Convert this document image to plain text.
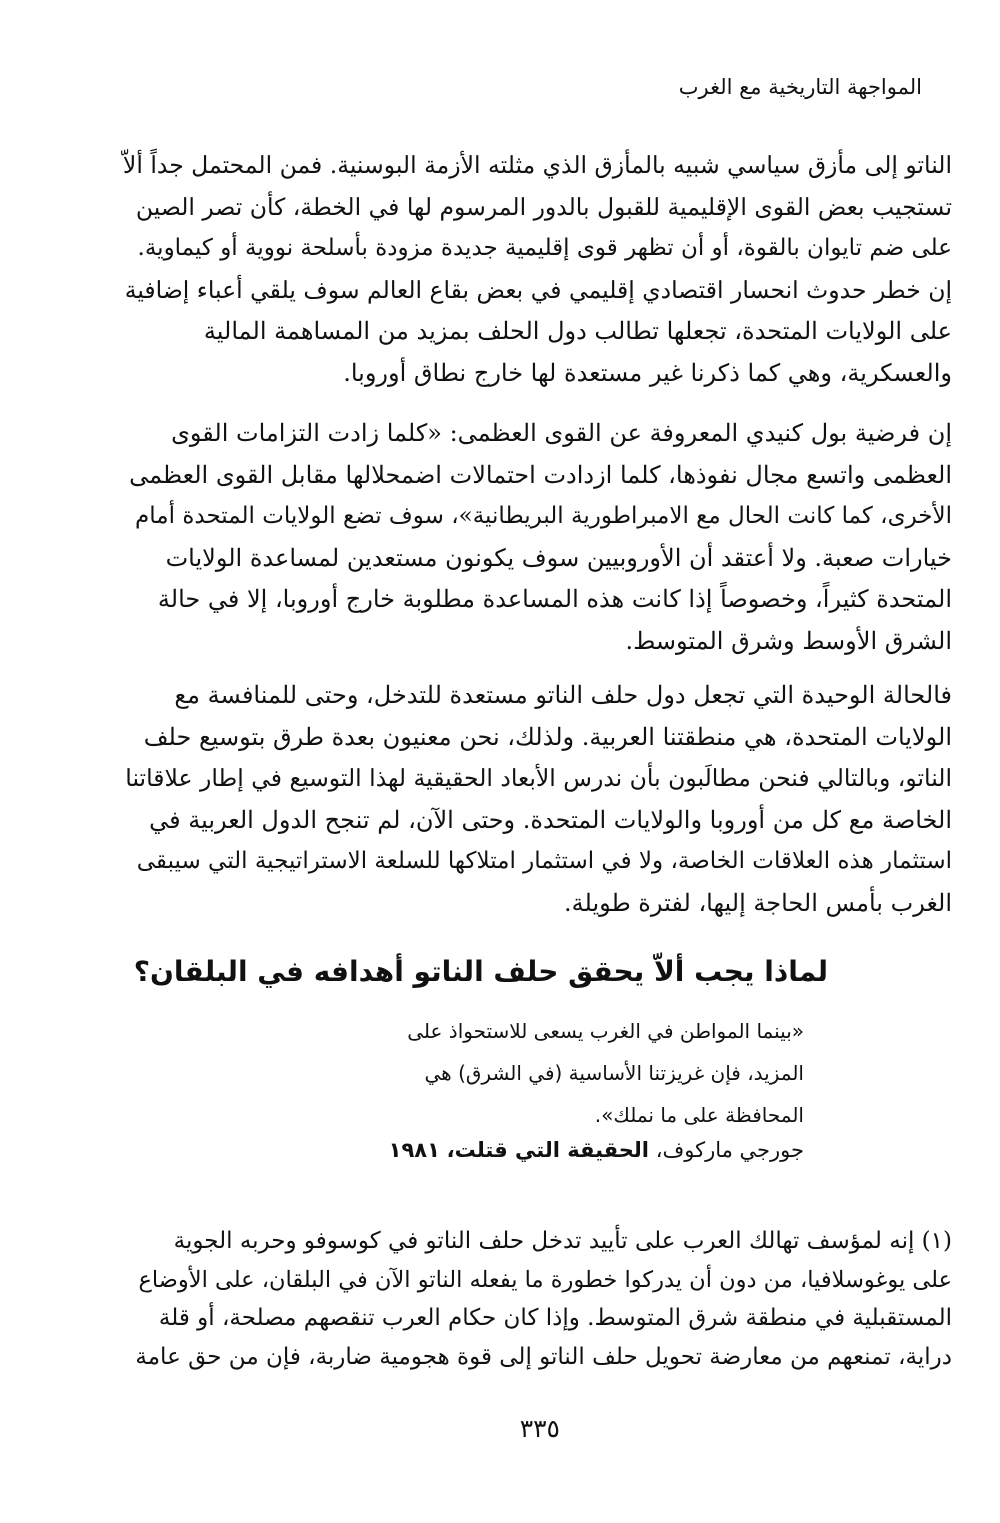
المواجهة التاريخية مع الغرب
الناتو إلى مأزق سياسي شبيه بالمأزق الذي مثلته الأزمة البوسنية. فمن المحتمل جداً ألاّ
تستجيب بعض القوى الإقليمية للقبول بالدور المرسوم لها في الخطة، كأن تصر الصين
على ضم تايوان بالقوة، أو أن تظهر قوى إقليمية جديدة مزودة بأسلحة نووية أو كيماوية.
إن خطر حدوث انحسار اقتصادي إقليمي في بعض بقاع العالم سوف يلقي أعباء إضافية
على الولايات المتحدة، تجعلها تطالب دول الحلف بمزيد من المساهمة المالية
والعسكرية، وهي كما ذكرنا غير مستعدة لها خارج نطاق أوروبا.
إن فرضية بول كنيدي المعروفة عن القوى العظمى: «كلما زادت التزامات القوى
العظمى واتسع مجال نفوذها، كلما ازدادت احتمالات اضمحلالها مقابل القوى العظمى
الأخرى، كما كانت الحال مع الامبراطورية البريطانية»، سوف تضع الولايات المتحدة أمام
خيارات صعبة. ولا أعتقد أن الأوروبيين سوف يكونون مستعدين لمساعدة الولايات
المتحدة كثيراً، وخصوصاً إذا كانت هذه المساعدة مطلوبة خارج أوروبا، إلا في حالة
الشرق الأوسط وشرق المتوسط.
فالحالة الوحيدة التي تجعل دول حلف الناتو مستعدة للتدخل، وحتى للمنافسة مع
الولايات المتحدة، هي منطقتنا العربية. ولذلك، نحن معنيون بعدة طرق بتوسيع حلف
الناتو، وبالتالي فنحن مطالَبون بأن ندرس الأبعاد الحقيقية لهذا التوسيع في إطار علاقاتنا
الخاصة مع كل من أوروبا والولايات المتحدة. وحتى الآن، لم تنجح الدول العربية في
استثمار هذه العلاقات الخاصة، ولا في استثمار امتلاكها للسلعة الاستراتيجية التي سيبقى
الغرب بأمس الحاجة إليها، لفترة طويلة.
لماذا يجب ألاّ يحقق حلف الناتو أهدافه في البلقان؟
«بينما المواطن في الغرب يسعى للاستحواذ على
المزيد، فإن غريزتنا الأساسية (في الشرق) هي
المحافظة على ما نملك».
جورجي ماركوف، الحقيقة التي قتلت، ١٩٨١
(١) إنه لمؤسف تهالك العرب على تأييد تدخل حلف الناتو في كوسوفو وحربه الجوية
على يوغوسلافيا، من دون أن يدركوا خطورة ما يفعله الناتو الآن في البلقان، على الأوضاع
المستقبلية في منطقة شرق المتوسط. وإذا كان حكام العرب تنقصهم مصلحة، أو قلة
دراية، تمنعهم من معارضة تحويل حلف الناتو إلى قوة هجومية ضاربة، فإن من حق عامة
٣٣٥
